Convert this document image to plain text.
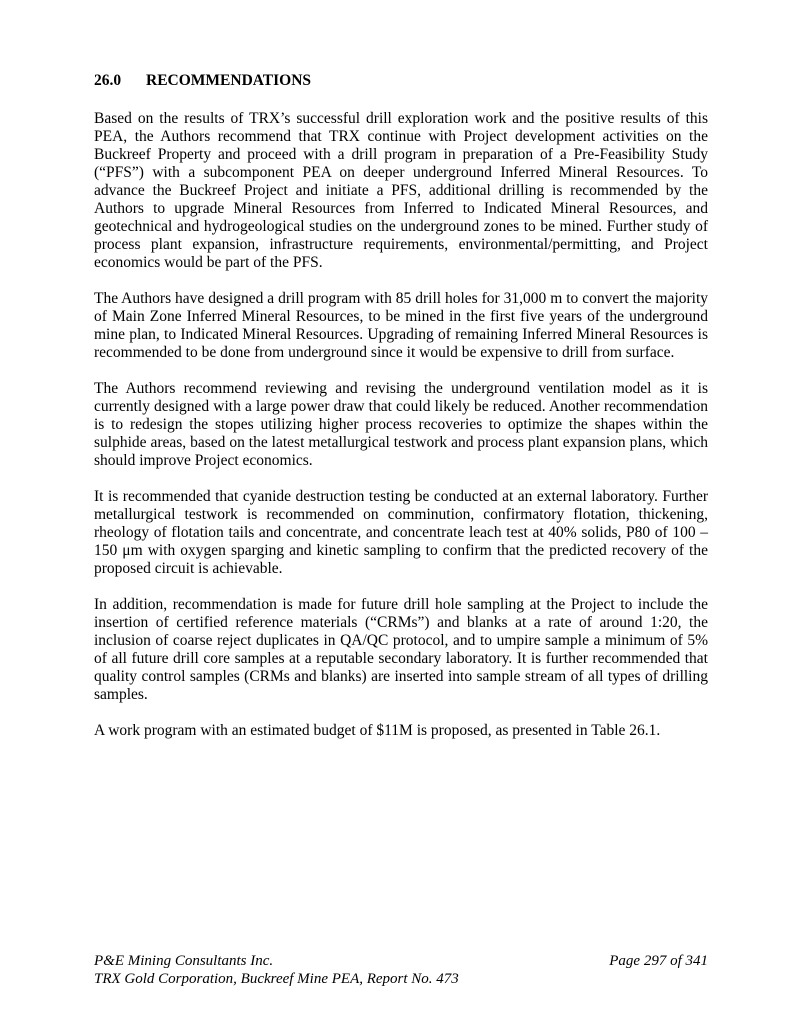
26.0	RECOMMENDATIONS

Based on the results of TRX’s successful drill exploration work and the positive results of this PEA, the Authors recommend that TRX continue with Project development activities on the Buckreef Property and proceed with a drill program in preparation of a Pre-Feasibility Study (“PFS”) with a subcomponent PEA on deeper underground Inferred Mineral Resources. To advance the Buckreef Project and initiate a PFS, additional drilling is recommended by the Authors to upgrade Mineral Resources from Inferred to Indicated Mineral Resources, and geotechnical and hydrogeological studies on the underground zones to be mined. Further study of process plant expansion, infrastructure requirements, environmental/permitting, and Project economics would be part of the PFS.

The Authors have designed a drill program with 85 drill holes for 31,000 m to convert the majority of Main Zone Inferred Mineral Resources, to be mined in the first five years of the underground mine plan, to Indicated Mineral Resources. Upgrading of remaining Inferred Mineral Resources is recommended to be done from underground since it would be expensive to drill from surface.

The Authors recommend reviewing and revising the underground ventilation model as it is currently designed with a large power draw that could likely be reduced. Another recommendation is to redesign the stopes utilizing higher process recoveries to optimize the shapes within the sulphide areas, based on the latest metallurgical testwork and process plant expansion plans, which should improve Project economics.

It is recommended that cyanide destruction testing be conducted at an external laboratory. Further metallurgical testwork is recommended on comminution, confirmatory flotation, thickening, rheology of flotation tails and concentrate, and concentrate leach test at 40% solids, P80 of 100 – 150 μm with oxygen sparging and kinetic sampling to confirm that the predicted recovery of the proposed circuit is achievable.

In addition, recommendation is made for future drill hole sampling at the Project to include the insertion of certified reference materials (“CRMs”) and blanks at a rate of around 1:20, the inclusion of coarse reject duplicates in QA/QC protocol, and to umpire sample a minimum of 5% of all future drill core samples at a reputable secondary laboratory. It is further recommended that quality control samples (CRMs and blanks) are inserted into sample stream of all types of drilling samples.

A work program with an estimated budget of $11M is proposed, as presented in Table 26.1.

P&E Mining Consultants Inc.	Page 297 of 341
TRX Gold Corporation, Buckreef Mine PEA, Report No. 473
